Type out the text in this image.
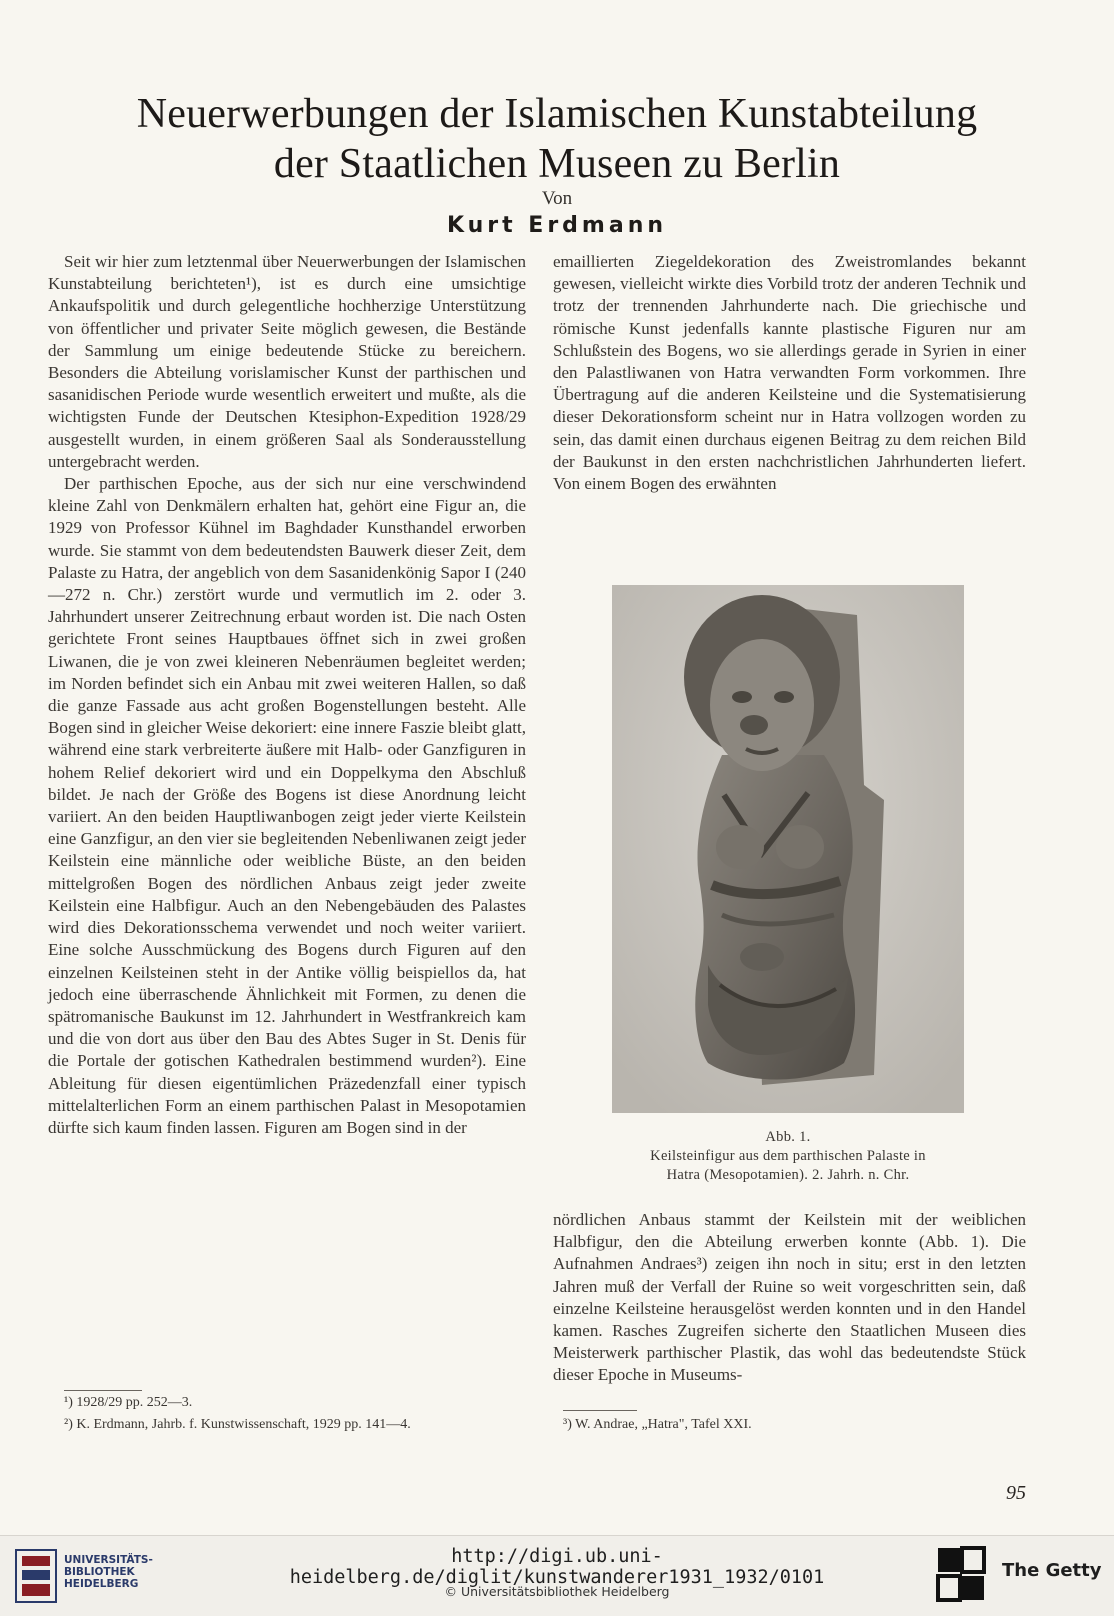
Neuerwerbungen der Islamischen Kunstabteilung
der Staatlichen Museen zu Berlin
Von
Kurt Erdmann

Seit wir hier zum letztenmal über Neuerwerbungen der Islamischen Kunstabteilung berichteten¹), ist es durch eine umsichtige Ankaufspolitik und durch gelegentliche hochherzige Unterstützung von öffentlicher und privater Seite möglich gewesen, die Bestände der Sammlung um einige bedeutende Stücke zu bereichern. Besonders die Abteilung vorislamischer Kunst der parthischen und sasanidischen Periode wurde wesentlich erweitert und mußte, als die wichtigsten Funde der Deutschen Ktesiphon-Expedition 1928/29 ausgestellt wurden, in einem größeren Saal als Sonderausstellung untergebracht werden.

Der parthischen Epoche, aus der sich nur eine verschwindend kleine Zahl von Denkmälern erhalten hat, gehört eine Figur an, die 1929 von Professor Kühnel im Baghdader Kunsthandel erworben wurde. Sie stammt von dem bedeutendsten Bauwerk dieser Zeit, dem Palaste zu Hatra, der angeblich von dem Sasanidenkönig Sapor I (240—272 n. Chr.) zerstört wurde und vermutlich im 2. oder 3. Jahrhundert unserer Zeitrechnung erbaut worden ist. Die nach Osten gerichtete Front seines Hauptbaues öffnet sich in zwei großen Liwanen, die je von zwei kleineren Nebenräumen begleitet werden; im Norden befindet sich ein Anbau mit zwei weiteren Hallen, so daß die ganze Fassade aus acht großen Bogenstellungen besteht. Alle Bogen sind in gleicher Weise dekoriert: eine innere Faszie bleibt glatt, während eine stark verbreiterte äußere mit Halb- oder Ganzfiguren in hohem Relief dekoriert wird und ein Doppelkyma den Abschluß bildet. Je nach der Größe des Bogens ist diese Anordnung leicht variiert. An den beiden Hauptliwanbogen zeigt jeder vierte Keilstein eine Ganzfigur, an den vier sie begleitenden Nebenliwanen zeigt jeder Keilstein eine männliche oder weibliche Büste, an den beiden mittelgroßen Bogen des nördlichen Anbaus zeigt jeder zweite Keilstein eine Halbfigur. Auch an den Nebengebäuden des Palastes wird dies Dekorationsschema verwendet und noch weiter variiert. Eine solche Ausschmückung des Bogens durch Figuren auf den einzelnen Keilsteinen steht in der Antike völlig beispiellos da, hat jedoch eine überraschende Ähnlichkeit mit Formen, zu denen die spätromanische Baukunst im 12. Jahrhundert in Westfrankreich kam und die von dort aus über den Bau des Abtes Suger in St. Denis für die Portale der gotischen Kathedralen bestimmend wurden²). Eine Ableitung für diesen eigentümlichen Präzedenzfall einer typisch mittelalterlichen Form an einem parthischen Palast in Mesopotamien dürfte sich kaum finden lassen. Figuren am Bogen sind in der

¹) 1928/29 pp. 252—3.
²) K. Erdmann, Jahrb. f. Kunstwissenschaft, 1929 pp. 141—4.

emaillierten Ziegeldekoration des Zweistromlandes bekannt gewesen, vielleicht wirkte dies Vorbild trotz der anderen Technik und trotz der trennenden Jahrhunderte nach. Die griechische und römische Kunst jedenfalls kannte plastische Figuren nur am Schlußstein des Bogens, wo sie allerdings gerade in Syrien in einer den Palastliwanen von Hatra verwandten Form vorkommen. Ihre Übertragung auf die anderen Keilsteine und die Systematisierung dieser Dekorationsform scheint nur in Hatra vollzogen worden zu sein, das damit einen durchaus eigenen Beitrag zu dem reichen Bild der Baukunst in den ersten nachchristlichen Jahrhunderten liefert. Von einem Bogen des erwähnten

Abb. 1.
Keilsteinfigur aus dem parthischen Palaste in
Hatra (Mesopotamien). 2. Jahrh. n. Chr.

nördlichen Anbaus stammt der Keilstein mit der weiblichen Halbfigur, den die Abteilung erwerben konnte (Abb. 1). Die Aufnahmen Andraes³) zeigen ihn noch in situ; erst in den letzten Jahren muß der Verfall der Ruine so weit vorgeschritten sein, daß einzelne Keilsteine herausgelöst werden konnten und in den Handel kamen. Rasches Zugreifen sicherte den Staatlichen Museen dies Meisterwerk parthischer Plastik, das wohl das bedeutendste Stück dieser Epoche in Museums-

³) W. Andrae, „Hatra", Tafel XXI.
95
UNIVERSITÄTS-
BIBLIOTHEK
HEIDELBERG
http://digi.ub.uni-heidelberg.de/diglit/kunstwanderer1931_1932/0101
© Universitätsbibliothek Heidelberg
The Getty
